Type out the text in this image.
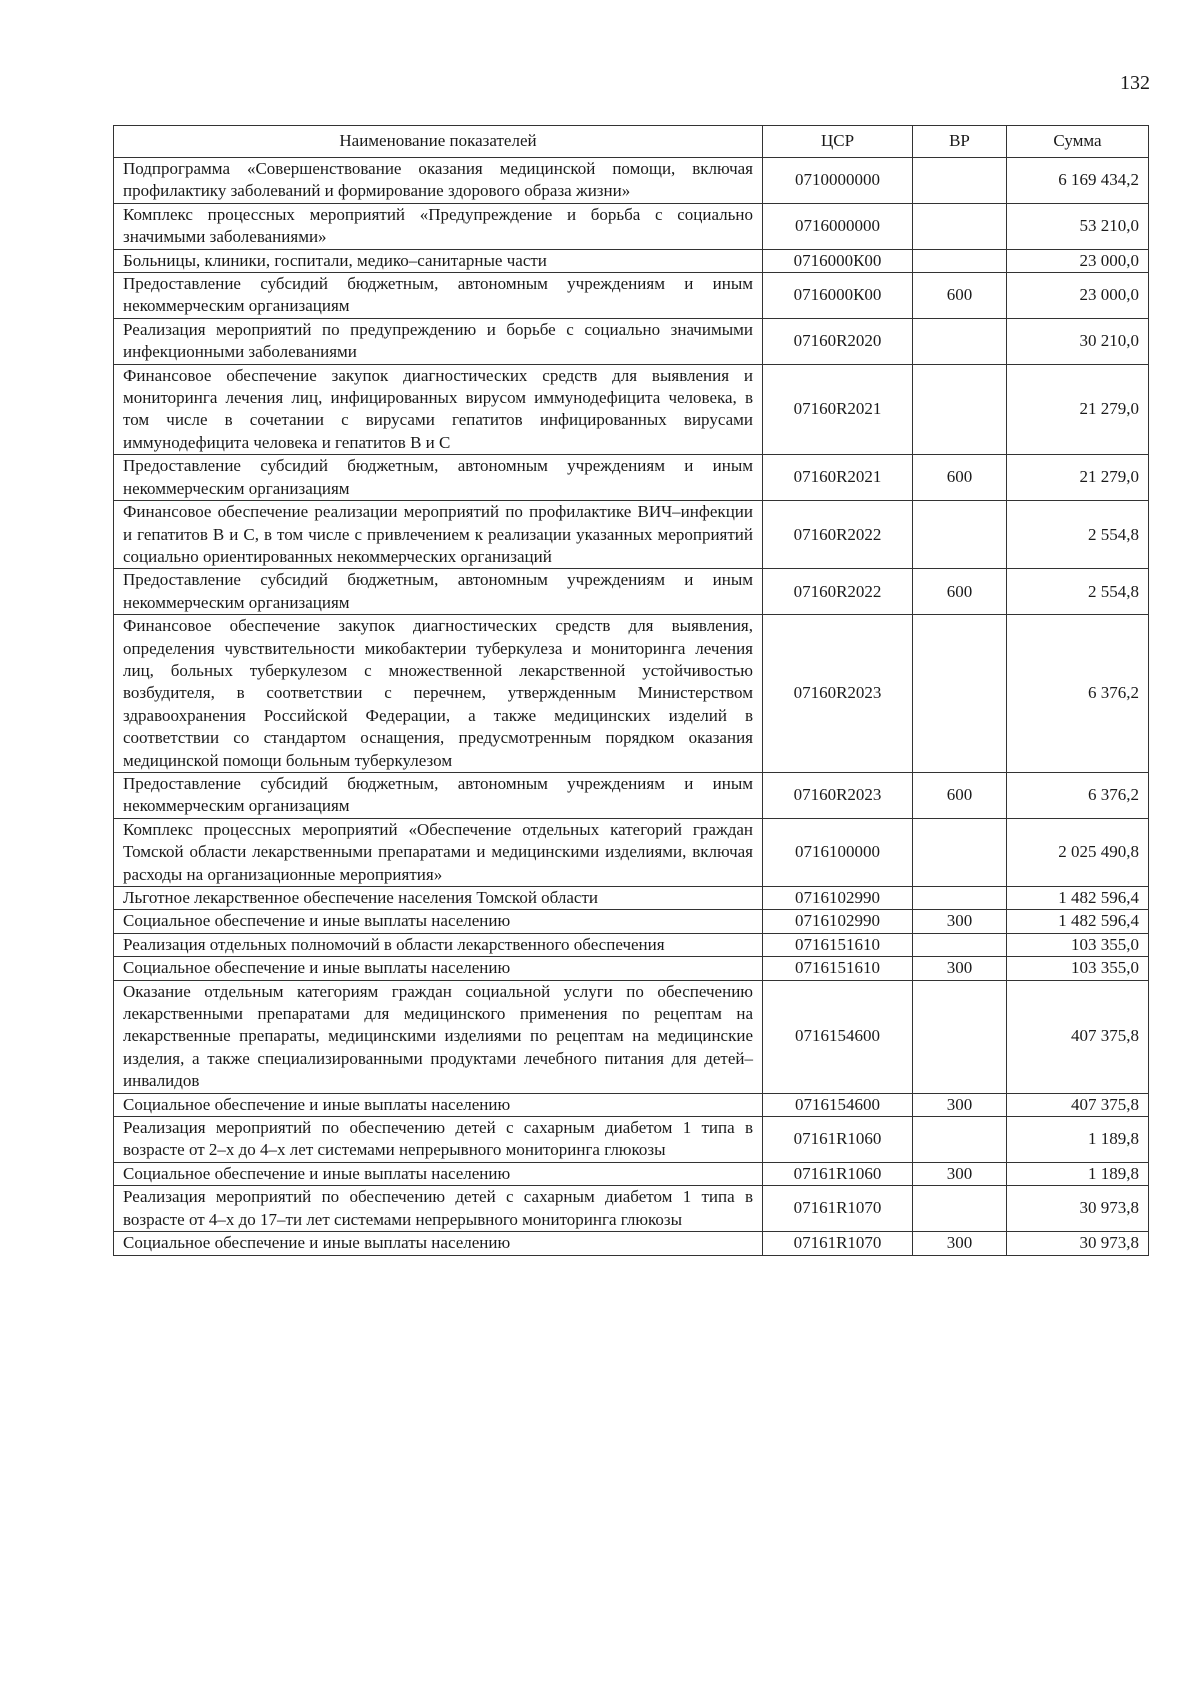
132
Наименование показателей	ЦСР	ВР	Сумма
Подпрограмма «Совершенствование оказания медицинской помощи, включая профилактику заболеваний и формирование здорового образа жизни»	0710000000		6 169 434,2
Комплекс процессных мероприятий «Предупреждение и борьба с социально значимыми заболеваниями»	0716000000		53 210,0
Больницы, клиники, госпитали, медико–санитарные части	0716000К00		23 000,0
Предоставление субсидий бюджетным, автономным учреждениям и иным некоммерческим организациям	0716000К00	600	23 000,0
Реализация мероприятий по предупреждению и борьбе с социально значимыми инфекционными заболеваниями	07160R2020		30 210,0
Финансовое обеспечение закупок диагностических средств для выявления и мониторинга лечения лиц, инфицированных вирусом иммунодефицита человека, в том числе в сочетании с вирусами гепатитов инфицированных вирусами иммунодефицита человека и гепатитов В и С	07160R2021		21 279,0
Предоставление субсидий бюджетным, автономным учреждениям и иным некоммерческим организациям	07160R2021	600	21 279,0
Финансовое обеспечение реализации мероприятий по профилактике ВИЧ–инфекции и гепатитов В и С, в том числе с привлечением к реализации указанных мероприятий социально ориентированных некоммерческих организаций	07160R2022		2 554,8
Предоставление субсидий бюджетным, автономным учреждениям и иным некоммерческим организациям	07160R2022	600	2 554,8
Финансовое обеспечение закупок диагностических средств для выявления, определения чувствительности микобактерии туберкулеза и мониторинга лечения лиц, больных туберкулезом с множественной лекарственной устойчивостью возбудителя, в соответствии с перечнем, утвержденным Министерством здравоохранения Российской Федерации, а также медицинских изделий в соответствии со стандартом оснащения, предусмотренным порядком оказания медицинской помощи больным туберкулезом	07160R2023		6 376,2
Предоставление субсидий бюджетным, автономным учреждениям и иным некоммерческим организациям	07160R2023	600	6 376,2
Комплекс процессных мероприятий «Обеспечение отдельных категорий граждан Томской области лекарственными препаратами и медицинскими изделиями, включая расходы на организационные мероприятия»	0716100000		2 025 490,8
Льготное лекарственное обеспечение населения Томской области	0716102990		1 482 596,4
Социальное обеспечение и иные выплаты населению	0716102990	300	1 482 596,4
Реализация отдельных полномочий в области лекарственного обеспечения	0716151610		103 355,0
Социальное обеспечение и иные выплаты населению	0716151610	300	103 355,0
Оказание отдельным категориям граждан социальной услуги по обеспечению лекарственными препаратами для медицинского применения по рецептам на лекарственные препараты, медицинскими изделиями по рецептам на медицинские изделия, а также специализированными продуктами лечебного питания для детей–инвалидов	0716154600		407 375,8
Социальное обеспечение и иные выплаты населению	0716154600	300	407 375,8
Реализация мероприятий по обеспечению детей с сахарным диабетом 1 типа в возрасте от 2–х до 4–х лет системами непрерывного мониторинга глюкозы	07161R1060		1 189,8
Социальное обеспечение и иные выплаты населению	07161R1060	300	1 189,8
Реализация мероприятий по обеспечению детей с сахарным диабетом 1 типа в возрасте от 4–х до 17–ти лет системами непрерывного мониторинга глюкозы	07161R1070		30 973,8
Социальное обеспечение и иные выплаты населению	07161R1070	300	30 973,8
